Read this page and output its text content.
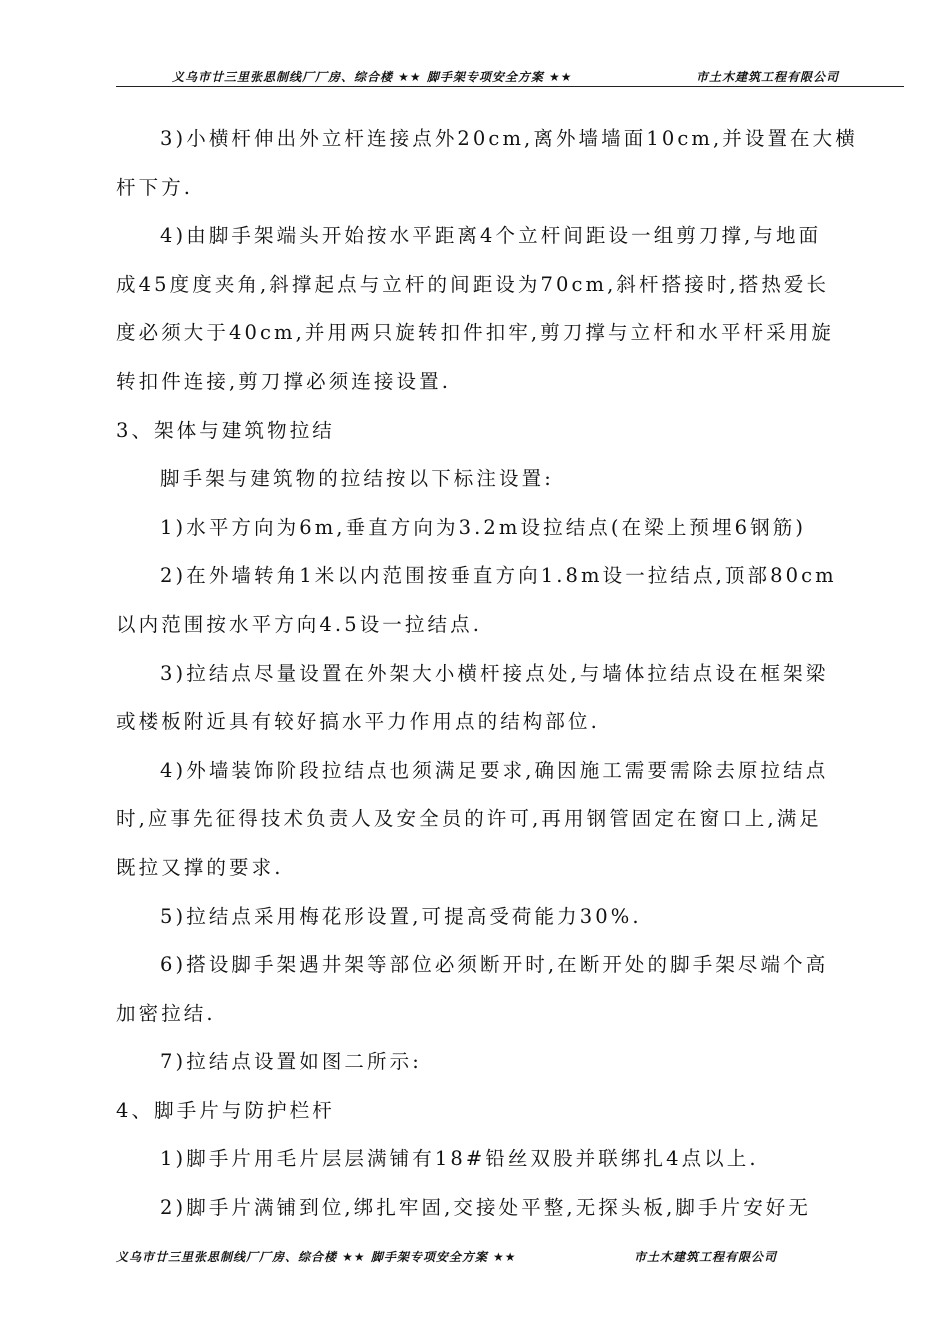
义乌市廿三里张思制线厂厂房、综合楼 ★★ 脚手架专项安全方案 ★★	市土木建筑工程有限公司
3)小横杆伸出外立杆连接点外20cm,离外墙墙面10cm,并设置在大横
杆下方.
4)由脚手架端头开始按水平距离4个立杆间距设一组剪刀撑,与地面
成45度度夹角,斜撑起点与立杆的间距设为70cm,斜杆搭接时,搭热爱长
度必须大于40cm,并用两只旋转扣件扣牢,剪刀撑与立杆和水平杆采用旋
转扣件连接,剪刀撑必须连接设置.
3、架体与建筑物拉结
脚手架与建筑物的拉结按以下标注设置:
1)水平方向为6m,垂直方向为3.2m设拉结点(在梁上预埋6钢筋)
2)在外墙转角1米以内范围按垂直方向1.8m设一拉结点,顶部80cm
以内范围按水平方向4.5设一拉结点.
3)拉结点尽量设置在外架大小横杆接点处,与墙体拉结点设在框架梁
或楼板附近具有较好搞水平力作用点的结构部位.
4)外墙装饰阶段拉结点也须满足要求,确因施工需要需除去原拉结点
时,应事先征得技术负责人及安全员的许可,再用钢管固定在窗口上,满足
既拉又撑的要求.
5)拉结点采用梅花形设置,可提高受荷能力30%.
6)搭设脚手架遇井架等部位必须断开时,在断开处的脚手架尽端个高
加密拉结.
7)拉结点设置如图二所示:
4、脚手片与防护栏杆
1)脚手片用毛片层层满铺有18#铅丝双股并联绑扎4点以上.
2)脚手片满铺到位,绑扎牢固,交接处平整,无探头板,脚手片安好无
义乌市廿三里张思制线厂厂房、综合楼 ★★ 脚手架专项安全方案 ★★	市土木建筑工程有限公司
